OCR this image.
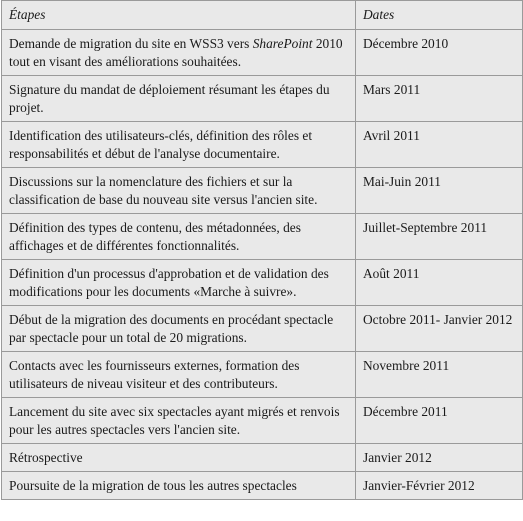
Étapes	Dates
Demande de migration du site en WSS3 vers SharePoint 2010 tout en visant des améliorations souhaitées.	Décembre 2010
Signature du mandat de déploiement résumant les étapes du projet.	Mars 2011
Identification des utilisateurs-clés, définition des rôles et responsabilités et début de l'analyse documentaire.	Avril 2011
Discussions sur la nomenclature des fichiers et sur la classification de base du nouveau site versus l'ancien site.	Mai-Juin 2011
Définition des types de contenu, des métadonnées, des affichages et de différentes fonctionnalités.	Juillet-Septembre 2011
Définition d'un processus d'approbation et de validation des modifications pour les documents «Marche à suivre».	Août 2011
Début de la migration des documents en procédant spectacle par spectacle pour un total de 20 migrations.	Octobre 2011- Janvier 2012
Contacts avec les fournisseurs externes, formation des utilisateurs de niveau visiteur et des contributeurs.	Novembre 2011
Lancement du site avec six spectacles ayant migrés et renvois pour les autres spectacles vers l'ancien site.	Décembre 2011
Rétrospective	Janvier 2012
Poursuite de la migration de tous les autres spectacles	Janvier-Février 2012
